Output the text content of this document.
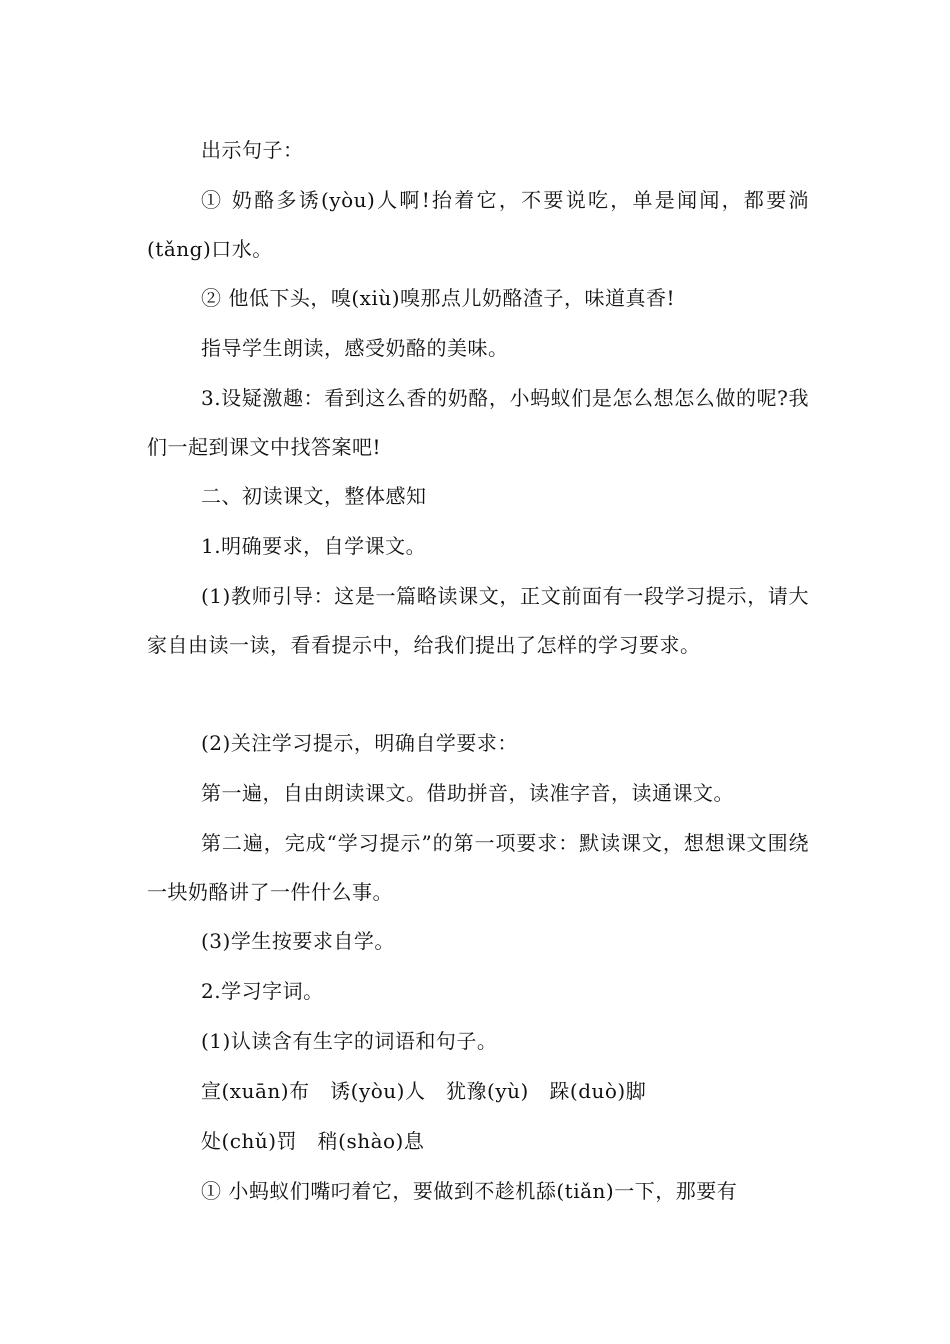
出示句子：

① 奶酪多诱(yòu)人啊!抬着它，不要说吃，单是闻闻，都要淌(tǎng)口水。

② 他低下头，嗅(xiù)嗅那点儿奶酪渣子，味道真香!

指导学生朗读，感受奶酪的美味。

3.设疑激趣：看到这么香的奶酪，小蚂蚁们是怎么想怎么做的呢?我们一起到课文中找答案吧!

二、初读课文，整体感知

1.明确要求，自学课文。

(1)教师引导：这是一篇略读课文，正文前面有一段学习提示，请大家自由读一读，看看提示中，给我们提出了怎样的学习要求。

(2)关注学习提示，明确自学要求：

第一遍，自由朗读课文。借助拼音，读准字音，读通课文。

第二遍，完成“学习提示”的第一项要求：默读课文，想想课文围绕一块奶酪讲了一件什么事。

(3)学生按要求自学。

2.学习字词。

(1)认读含有生字的词语和句子。

宣(xuān)布   诱(yòu)人   犹豫(yù)   跺(duò)脚

处(chǔ)罚   稍(shào)息

① 小蚂蚁们嘴叼着它，要做到不趁机舔(tiǎn)一下，那要有
